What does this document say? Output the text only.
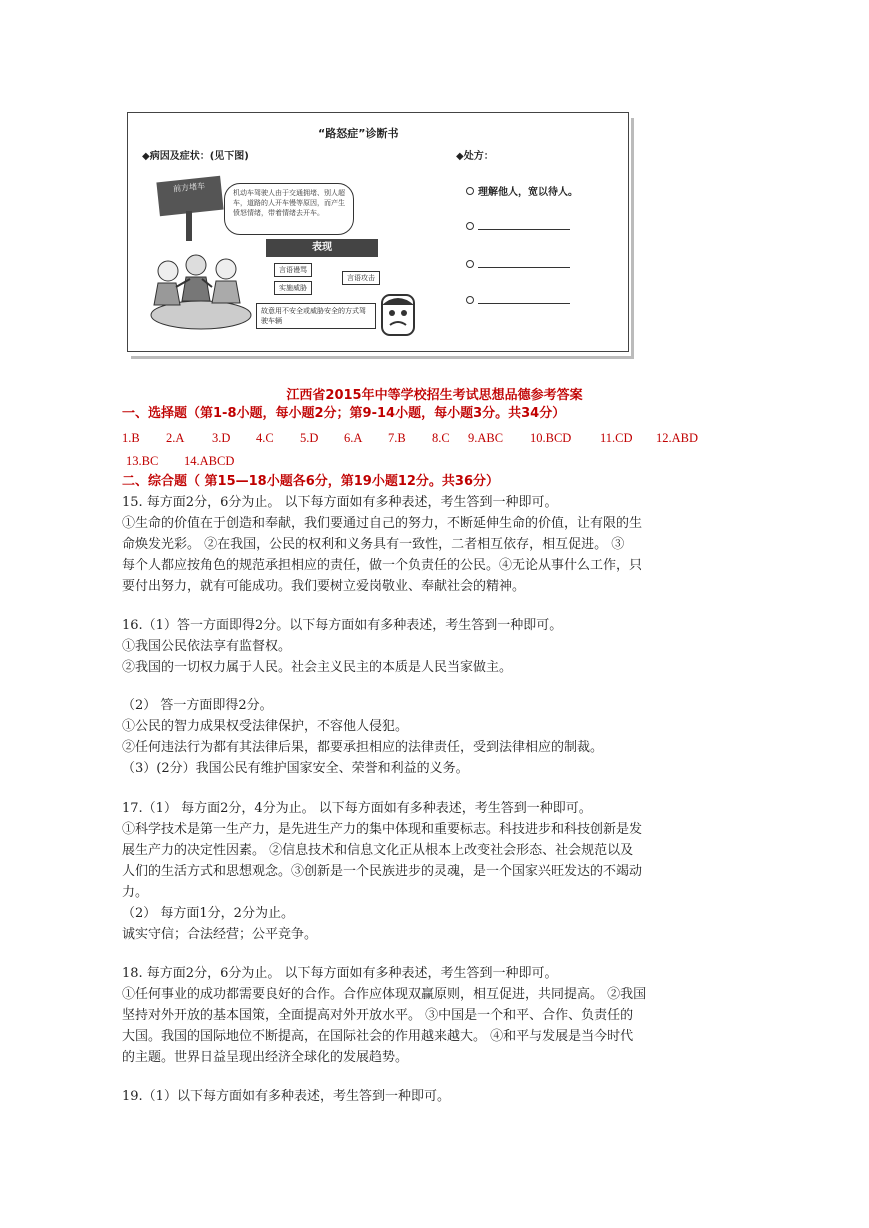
“路怒症”诊断书
◆病因及症状：(见下图)	◆处方：
理解他人，宽以待人。
前方堵车	机动车驾驶人由于交通拥堵、别人超车，道路的人开车慢等原因，而产生愤怒情绪，带着情绪去开车。
表现
言语谩骂
实施威胁
言语攻击
故意用不安全或威胁安全的方式驾驶车辆
江西省2015年中等学校招生考试思想品德参考答案
一、选择题（第1-8小题，每小题2分；第9-14小题，每小题3分。共34分）
1.B 2.A 3.D 4.C 5.D 6.A 7.B 8.C 9.ABC 10.BCD 11.CD 12.ABD
13.BC 14.ABCD
二、综合题（ 第15—18小题各6分，第19小题12分。共36分）
15. 每方面2分，6分为止。 以下每方面如有多种表述，考生答到一种即可。
①生命的价值在于创造和奉献，我们要通过自己的努力，不断延伸生命的价值，让有限的生
命焕发光彩。 ②在我国，公民的权利和义务具有一致性，二者相互依存，相互促进。 ③
每个人都应按角色的规范承担相应的责任，做一个负责任的公民。④无论从事什么工作，只
要付出努力，就有可能成功。我们要树立爱岗敬业、奉献社会的精神。
16.（1）答一方面即得2分。以下每方面如有多种表述，考生答到一种即可。
①我国公民依法享有监督权。
②我国的一切权力属于人民。社会主义民主的本质是人民当家做主。
（2） 答一方面即得2分。
①公民的智力成果权受法律保护，不容他人侵犯。
②任何违法行为都有其法律后果，都要承担相应的法律责任，受到法律相应的制裁。
（3）(2分）我国公民有维护国家安全、荣誉和利益的义务。
17.（1） 每方面2分，4分为止。 以下每方面如有多种表述，考生答到一种即可。
①科学技术是第一生产力，是先进生产力的集中体现和重要标志。科技进步和科技创新是发
展生产力的决定性因素。 ②信息技术和信息文化正从根本上改变社会形态、社会规范以及
人们的生活方式和思想观念。③创新是一个民族进步的灵魂，是一个国家兴旺发达的不竭动
力。
（2） 每方面1分，2分为止。
诚实守信；合法经营；公平竞争。
18. 每方面2分，6分为止。 以下每方面如有多种表述，考生答到一种即可。
①任何事业的成功都需要良好的合作。合作应体现双赢原则，相互促进，共同提高。 ②我国
坚持对外开放的基本国策，全面提高对外开放水平。 ③中国是一个和平、合作、负责任的
大国。我国的国际地位不断提高，在国际社会的作用越来越大。 ④和平与发展是当今时代
的主题。世界日益呈现出经济全球化的发展趋势。
19.（1）以下每方面如有多种表述，考生答到一种即可。
